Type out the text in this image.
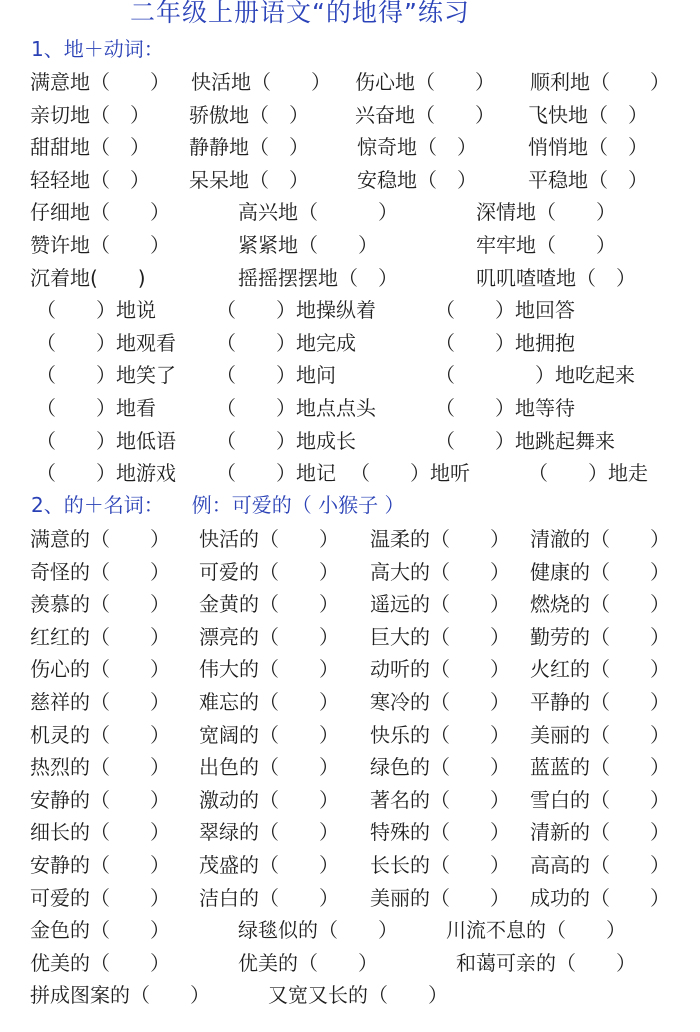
二年级上册语文“的地得”练习
1、地＋动词：
满意地（　　） 快活地（　　） 伤心地（　　） 顺利地（　　）
亲切地（　） 骄傲地（　） 兴奋地（　　） 飞快地（　）
甜甜地（　） 静静地（　） 惊奇地（　）	悄悄地（　）
轻轻地（　） 呆呆地（　） 安稳地（　）	平稳地（　）
仔细地（　　）	高兴地（　　　）	深情地（　　）
赞许地（　　）	紧紧地（　　）	牢牢地（　　）
沉着地(　　)	摇摇摆摆地（　）	叽叽喳喳地（　）
（　　）地说	（　　）地操纵着	（　　）地回答
（　　）地观看 （　　）地完成	（　　）地拥抱
（　　）地笑了 （　　）地问	（　　　　）地吃起来
（　　）地看	（　　）地点点头	（　　）地等待
（　　）地低语 （　　）地成长	（　　）地跳起舞来
（　　）地游戏 （　　）地记 （　　）地听	（　　）地走
2、的＋名词： 例：可爱的（ 小猴子 ）
满意的（　　） 快活的（　　） 温柔的（　　） 清澈的（　　）
奇怪的（　　） 可爱的（　　） 高大的（　　） 健康的（　　）
羡慕的（　　） 金黄的（　　） 遥远的（　　） 燃烧的（　　）
红红的（　　） 漂亮的（　　） 巨大的（　　） 勤劳的（　　）
伤心的（　　） 伟大的（　　） 动听的（　　） 火红的（　　）
慈祥的（　　） 难忘的（　　） 寒冷的（　　） 平静的（　　）
机灵的（　　） 宽阔的（　　） 快乐的（　　） 美丽的（　　）
热烈的（　　） 出色的（　　） 绿色的（　　） 蓝蓝的（　　）
安静的（　　） 激动的（　　） 著名的（　　） 雪白的（　　）
细长的（　　） 翠绿的（　　） 特殊的（　　） 清新的（　　）
安静的（　　） 茂盛的（　　） 长长的（　　） 高高的（　　）
可爱的（　　） 洁白的（　　） 美丽的（　　） 成功的（　　）
金色的（　　）	绿毯似的（　　） 川流不息的（　　）
优美的（　　）	优美的（　　）	和蔼可亲的（　　）
拼成图案的（　　）	又宽又长的（　　）
